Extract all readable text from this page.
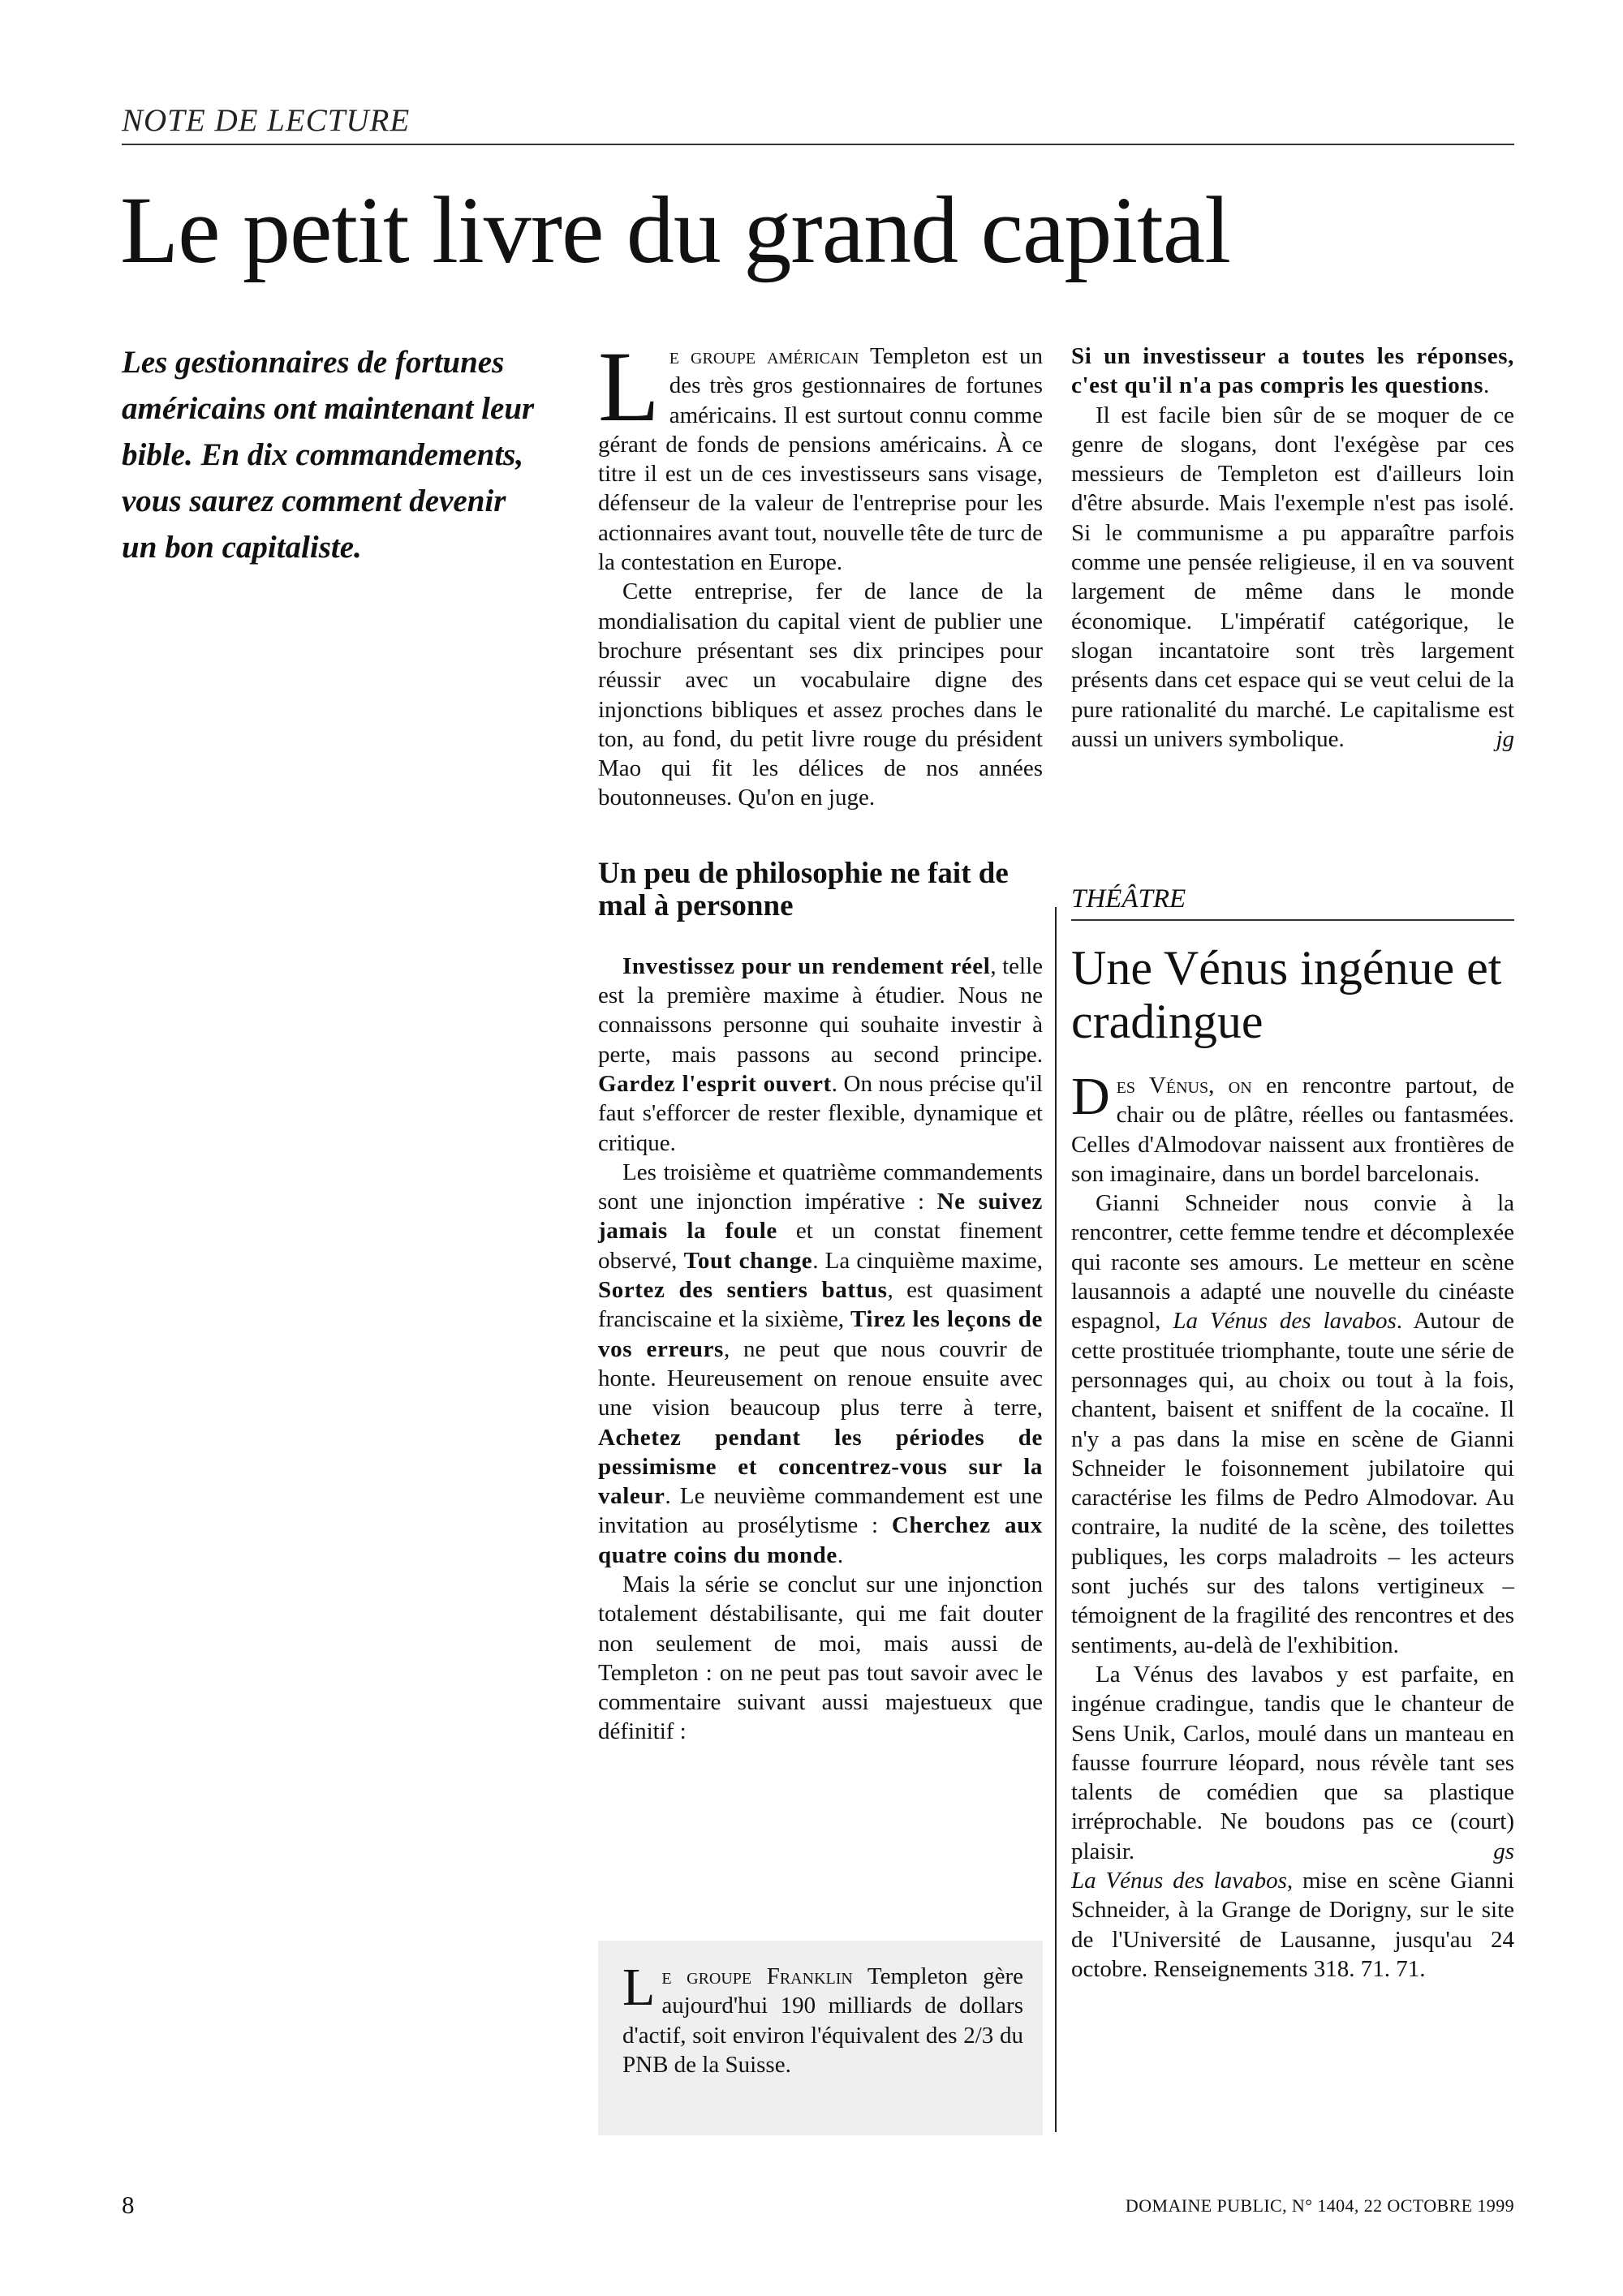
NOTE DE LECTURE
Le petit livre du grand capital
Les gestionnaires de fortunes américains ont maintenant leur bible. En dix commandements, vous saurez comment devenir un bon capitaliste.

Le groupe américain Templeton est un des très gros gestionnaires de fortunes américains. Il est surtout connu comme gérant de fonds de pensions américains. À ce titre il est un de ces investisseurs sans visage, défenseur de la valeur de l'entreprise pour les actionnaires avant tout, nouvelle tête de turc de la contestation en Europe.

Cette entreprise, fer de lance de la mondialisation du capital vient de publier une brochure présentant ses dix principes pour réussir avec un vocabulaire digne des injonctions bibliques et assez proches dans le ton, au fond, du petit livre rouge du président Mao qui fit les délices de nos années boutonneuses. Qu'on en juge.

Un peu de philosophie ne fait de mal à personne

Investissez pour un rendement réel, telle est la première maxime à étudier. Nous ne connaissons personne qui souhaite investir à perte, mais passons au second principe. Gardez l'esprit ouvert. On nous précise qu'il faut s'efforcer de rester flexible, dynamique et critique.

Les troisième et quatrième commandements sont une injonction impérative : Ne suivez jamais la foule et un constat finement observé, Tout change. La cinquième maxime, Sortez des sentiers battus, est quasiment franciscaine et la sixième, Tirez les leçons de vos erreurs, ne peut que nous couvrir de honte. Heureusement on renoue ensuite avec une vision beaucoup plus terre à terre, Achetez pendant les périodes de pessimisme et concentrez-vous sur la valeur. Le neuvième commandement est une invitation au prosélytisme : Cherchez aux quatre coins du monde.

Mais la série se conclut sur une injonction totalement déstabilisante, qui me fait douter non seulement de moi, mais aussi de Templeton : on ne peut pas tout savoir avec le commentaire suivant aussi majestueux que définitif :

Le groupe Franklin Templeton gère aujourd'hui 190 milliards de dollars d'actif, soit environ l'équivalent des 2/3 du PNB de la Suisse.

Si un investisseur a toutes les réponses, c'est qu'il n'a pas compris les questions.

Il est facile bien sûr de se moquer de ce genre de slogans, dont l'exégèse par ces messieurs de Templeton est d'ailleurs loin d'être absurde. Mais l'exemple n'est pas isolé. Si le communisme a pu apparaître parfois comme une pensée religieuse, il en va souvent largement de même dans le monde économique. L'impératif catégorique, le slogan incantatoire sont très largement présents dans cet espace qui se veut celui de la pure rationalité du marché. Le capitalisme est aussi un univers symbolique.	jg

THÉÂTRE
Une Vénus ingénue et cradingue

Des Vénus, on en rencontre partout, de chair ou de plâtre, réelles ou fantasmées. Celles d'Almodovar naissent aux frontières de son imaginaire, dans un bordel barcelonais.

Gianni Schneider nous convie à la rencontrer, cette femme tendre et décomplexée qui raconte ses amours. Le metteur en scène lausannois a adapté une nouvelle du cinéaste espagnol, La Vénus des lavabos. Autour de cette prostituée triomphante, toute une série de personnages qui, au choix ou tout à la fois, chantent, baisent et sniffent de la cocaïne. Il n'y a pas dans la mise en scène de Gianni Schneider le foisonnement jubilatoire qui caractérise les films de Pedro Almodovar. Au contraire, la nudité de la scène, des toilettes publiques, les corps maladroits – les acteurs sont juchés sur des talons vertigineux – témoignent de la fragilité des rencontres et des sentiments, au-delà de l'exhibition.

La Vénus des lavabos y est parfaite, en ingénue cradingue, tandis que le chanteur de Sens Unik, Carlos, moulé dans un manteau en fausse fourrure léopard, nous révèle tant ses talents de comédien que sa plastique irréprochable. Ne boudons pas ce (court) plaisir.	gs

La Vénus des lavabos, mise en scène Gianni Schneider, à la Grange de Dorigny, sur le site de l'Université de Lausanne, jusqu'au 24 octobre. Renseignements 318. 71. 71.

8	DOMAINE PUBLIC, N° 1404, 22 OCTOBRE 1999
